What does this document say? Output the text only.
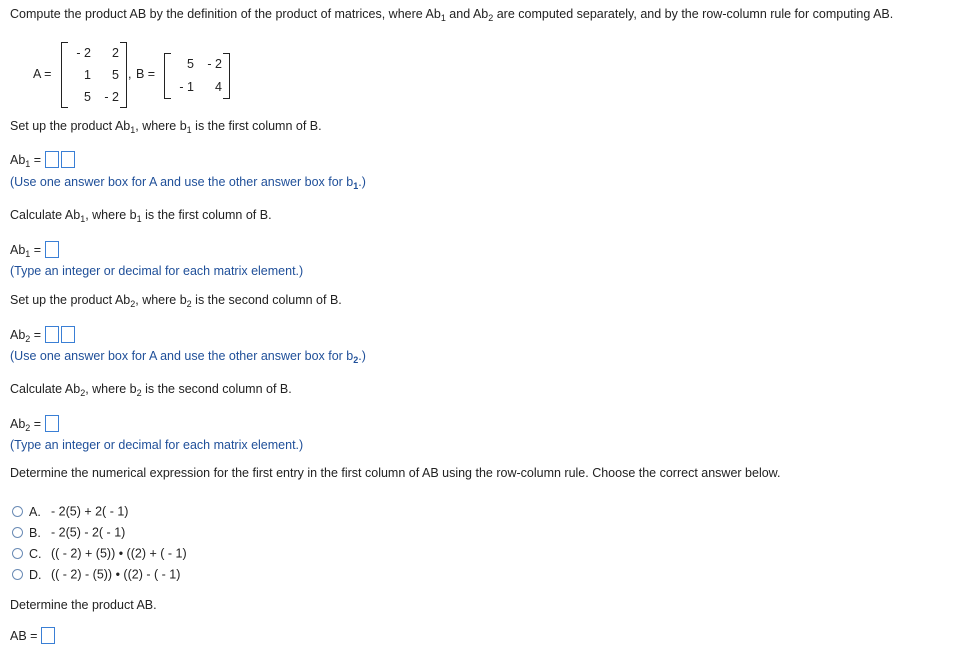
Compute the product AB by the definition of the product of matrices, where $Ab_1$ and $Ab_2$ are computed separately, and by the row-column rule for computing AB.
A =
- 2 2
1 5
5 - 2
, B =
5 - 2
- 1 4
Set up the product $Ab_1$, where $b_1$ is the first column of B.
$Ab_1$ =
(Use one answer box for A and use the other answer box for $b_1$.)
Calculate $Ab_1$, where $b_1$ is the first column of B.
$Ab_1$ =
(Type an integer or decimal for each matrix element.)
Set up the product $Ab_2$, where $b_2$ is the second column of B.
$Ab_2$ =
(Use one answer box for A and use the other answer box for $b_2$.)
Calculate $Ab_2$, where $b_2$ is the second column of B.
$Ab_2$ =
(Type an integer or decimal for each matrix element.)
Determine the numerical expression for the first entry in the first column of AB using the row-column rule. Choose the correct answer below.
A. - 2(5) + 2( - 1)
B. - 2(5) - 2( - 1)
C. (( - 2) + (5)) • ((2) + ( - 1)
D. (( - 2) - (5)) • ((2) - ( - 1)
Determine the product AB.
AB =
